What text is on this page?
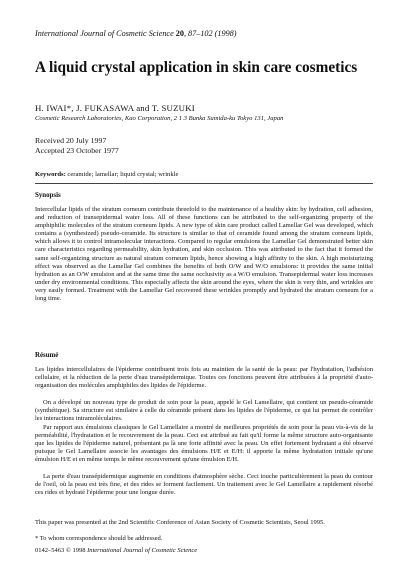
International Journal of Cosmetic Science 20, 87–102 (1998)
A liquid crystal application in skin care cosmetics
H. IWAI*, J. FUKASAWA and T. SUZUKI
Cosmetic Research Laboratories, Kao Corporation, 2 1 3 Bunka Sumida-ku Tokyo 131, Japan
Received 20 July 1997
Accepted 23 October 1977
Keywords: ceramide; lamellar; liquid crystal; wrinkle
Synopsis

Intercellular lipids of the stratum corneum contribute threefold to the maintenance of a healthy skin: by hydration, cell adhesion, and reduction of transepidermal water loss. All of these functions can be attributed to the self-organizing property of the amphiphilic molecules of the stratum corneum lipids. A new type of skin care product called Lamellar Gel was developed, which contains a (synthesized) pseudo-ceramide. Its structure is similar to that of ceramide found among the stratum corneum lipids, which allows it to control intramolecular interactions. Compared to regular emulsions the Lamellar Gel demonstrated better skin care characteristics regarding permeability, skin hydration, and skin occlusion. This was attributed to the fact that it formed the same self-organizing structure as natural stratum corneum lipids, hence showing a high affinity to the skin. A high moisturizing effect was observed as the Lamellar Gel combines the benefits of both O/W and W/O emulsions: it provides the same initial hydration as an O/W emulsion and at the same time the same occlusivity as a W/O emulsion. Transepidermal water loss increases under dry environmental conditions. This especially affects the skin around the eyes, where the skin is very thin, and wrinkles are very easily formed. Treatment with the Lamellar Gel recovered these wrinkles promptly and hydrated the stratum corneum for a long time.

Résumé

Les lipides intercellulaires de l'épiderme contribuent trois fois au maintien de la santé de la peau: par l'hydratation, l'adhésion cellulaire, et la réduction de la perte d'eau transépidermique. Toutes ces fonctions peuvent être attribuées à la propriété d'auto-organisation des molécules amphiphiles des lipides de l'épiderme.

On a dévelopé un nouveau type de produit de soin pour la peau, appelé le Gel Lamellaire, qui contient un pseudo-céramide (synthétique). Sa structure est similaire à celle du céramide présent dans les lipides de l'épiderme, ce qui lui permet de contrôler les interactions intramoléculaires.

Par rapport aux émulsions classiques le Gel Lamellaire a montré de meilleures propriétés de soin pour la peau vis-à-vis de la perméabilité, l'hydratation et le recouvrement de la peau. Ceci est attribué au fait qu'il forme la même structure auto-organisante que les lipides de l'épiderme naturel, présentant pa là une forte affinité avec la peau. Un effet fortement hydratant a été observé puisque le Gel Lamellaire associe les avantages des émulsions H/E et E/H: il apporte la même hydratation initiale qu'une émulsion H/E et en même temps le même recouvrement qu'une émulsion E/H.

La perte d'eau transépidermique augmente en conditions d'atmosphère sèche. Ceci touche particulièrement la peau du contour de l'oeil, où la peau est très fine, et des rides se forment facilement. Un traitement avec le Gel Lamellaire a rapidement résorbé ces rides et hydraté l'épiderme pour une longue durée.

This paper was presented at the 2nd Scientific Conference of Asian Society of Cosmetic Scientists, Seoul 1995.
* To whom correspondence should be addressed.
0142–5463 © 1998 International Journal of Cosmetic Science
